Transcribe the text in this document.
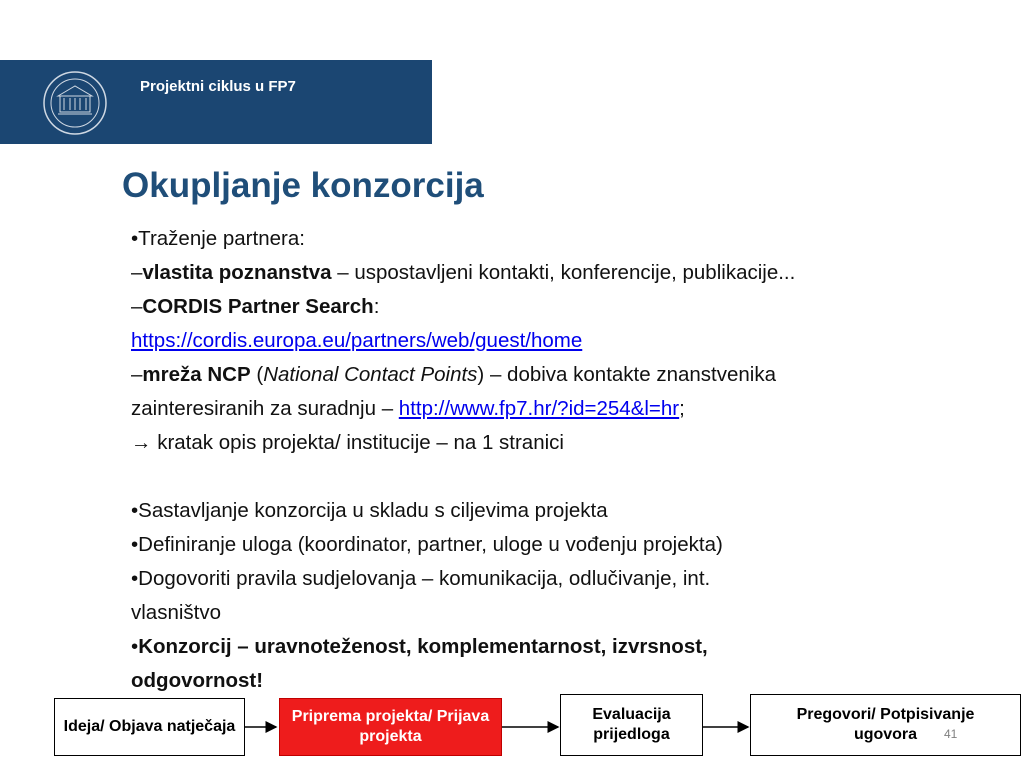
Projektni ciklus u FP7
Okupljanje konzorcija
•Traženje partnera:
–vlastita poznanstva – uspostavljeni kontakti, konferencije, publikacije...
–CORDIS Partner Search:
https://cordis.europa.eu/partners/web/guest/home
–mreža NCP (National Contact Points) – dobiva kontakte znanstvenika
zainteresiranih za suradnju – http://www.fp7.hr/?id=254&l=hr;
→ kratak opis projekta/ institucije – na 1 stranici
•Sastavljanje konzorcija u skladu s ciljevima projekta
•Definiranje uloga (koordinator, partner, uloge u vođenju projekta)
•Dogovoriti pravila sudjelovanja – komunikacija, odlučivanje, int.
vlasništvo
•Konzorcij – uravnoteženost, komplementarnost, izvrsnost,
odgovornost!
Ideja/ Objava natječaja
Priprema projekta/ Prijava projekta
Evaluacija prijedloga
Pregovori/ Potpisivanje ugovora	41
